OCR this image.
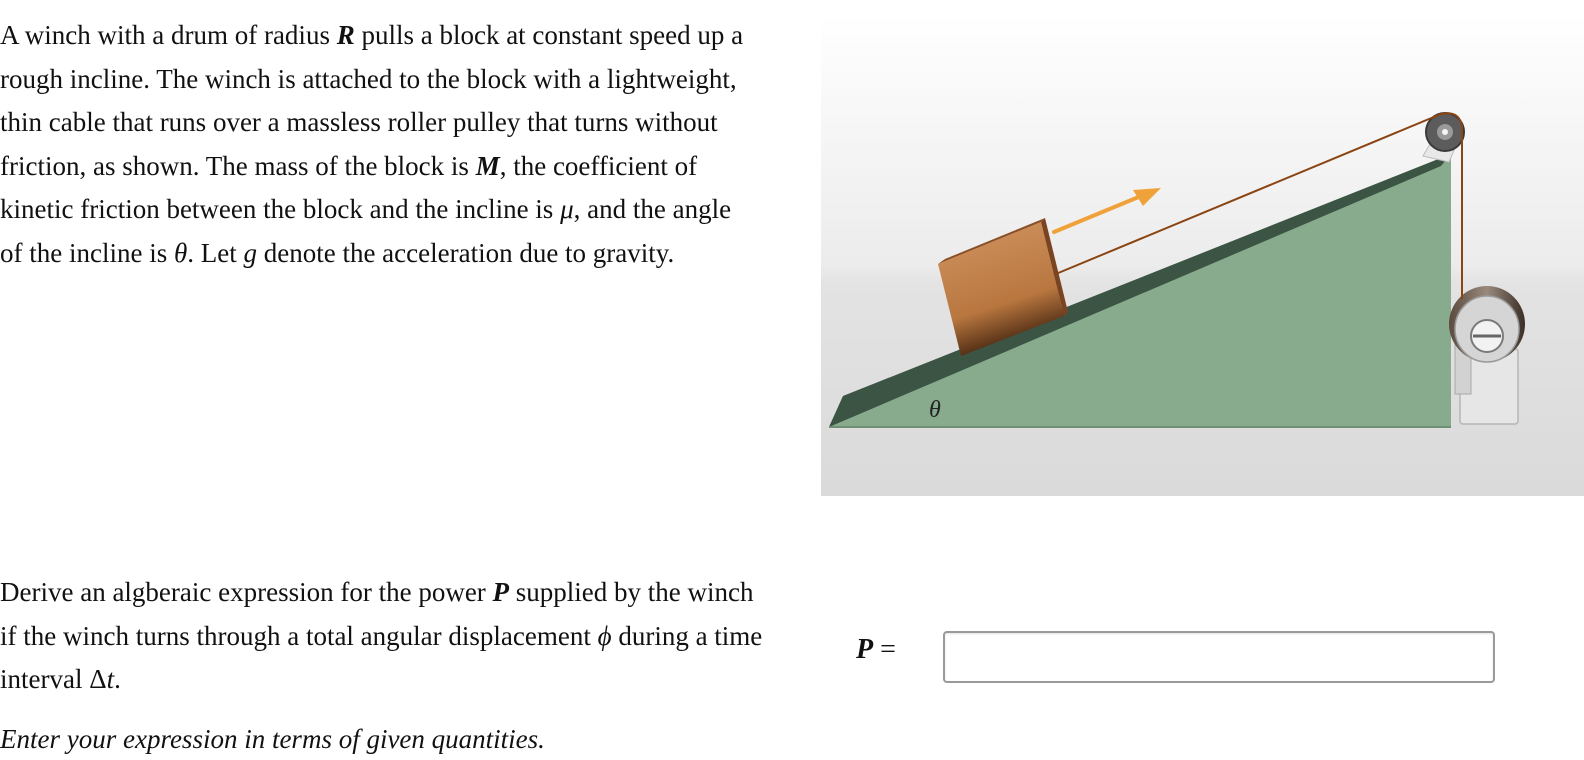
A winch with a drum of radius R pulls a block at constant speed up a rough incline. The winch is attached to the block with a lightweight, thin cable that runs over a massless roller pulley that turns without friction, as shown. The mass of the block is M, the coefficient of kinetic friction between the block and the incline is μ, and the angle of the incline is θ. Let g denote the acceleration due to gravity.

θ

Derive an algberaic expression for the power P supplied by the winch if the winch turns through a total angular displacement ϕ during a time interval Δt.

Enter your expression in terms of given quantities.
P =
